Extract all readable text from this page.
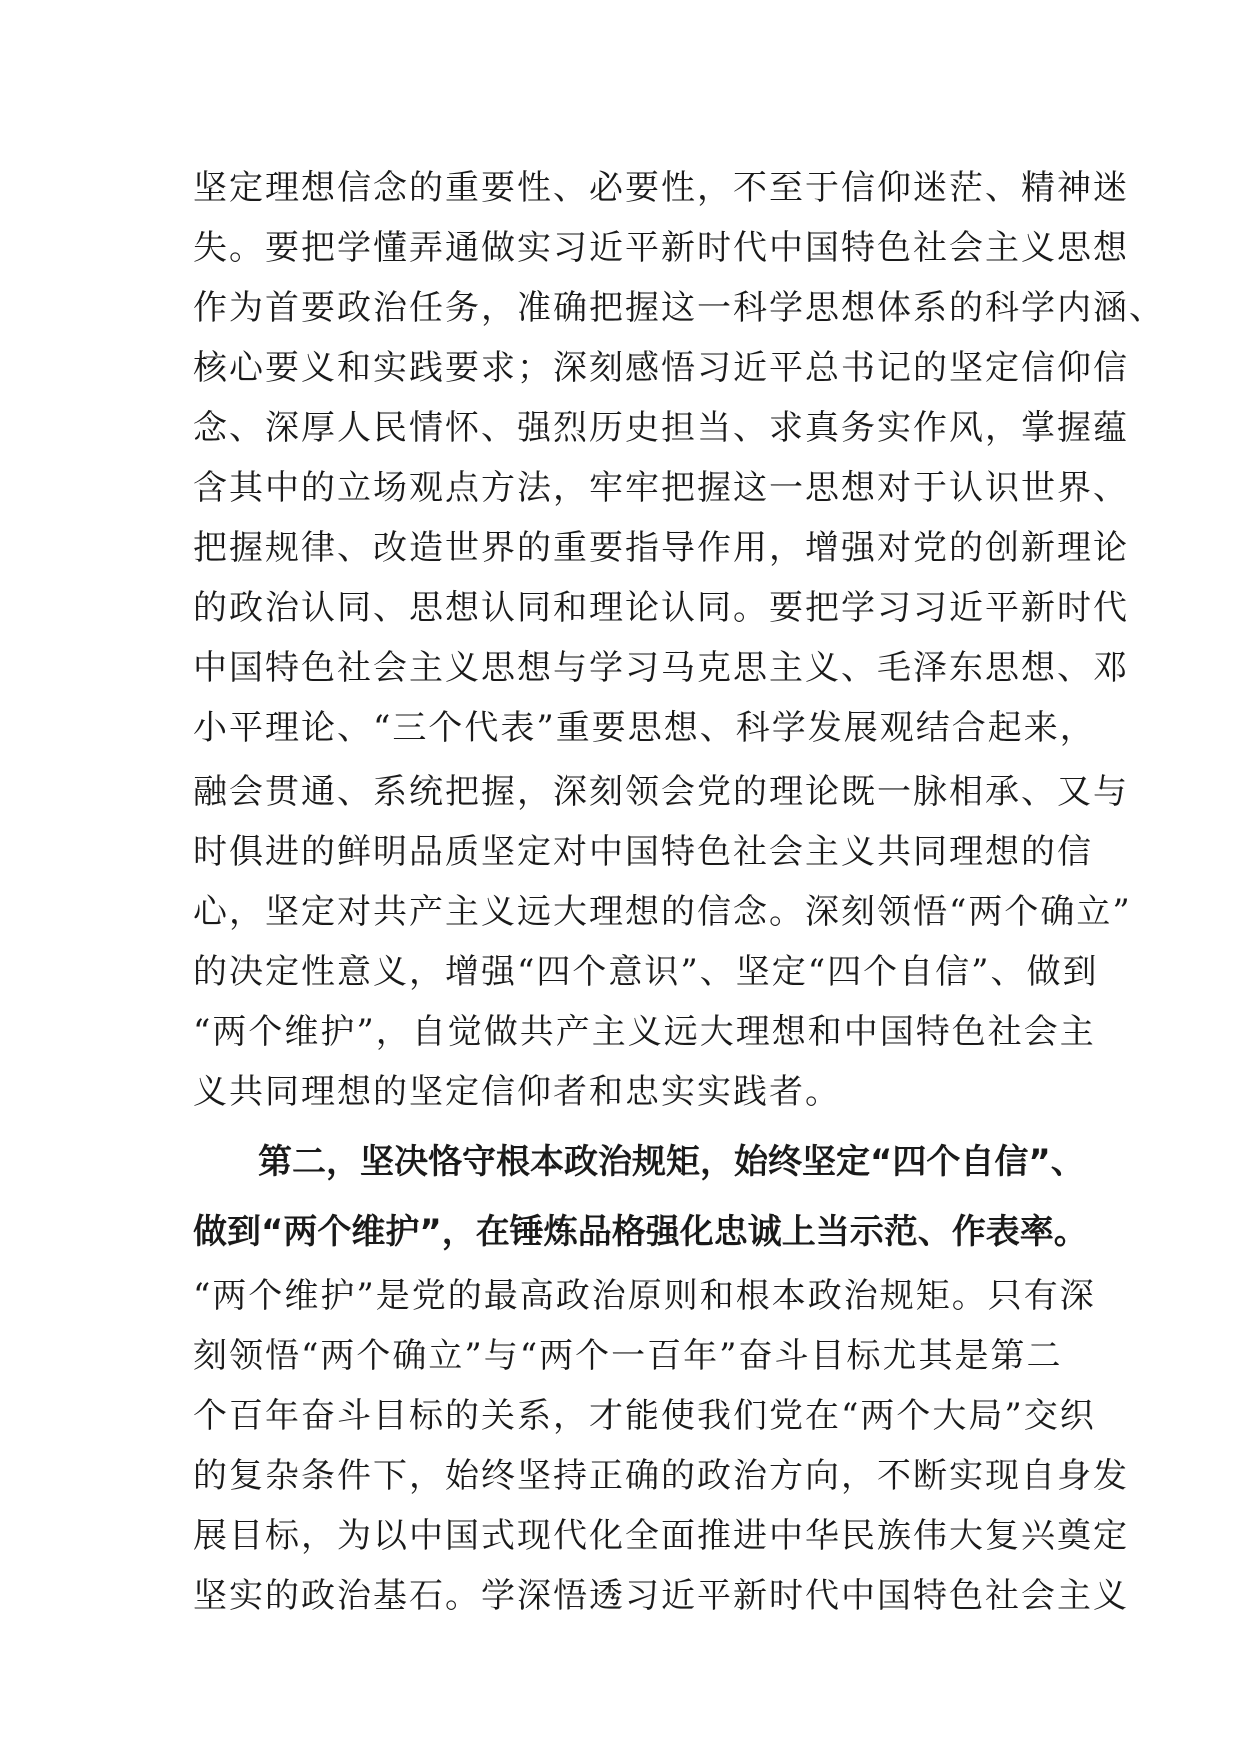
坚定理想信念的重要性、必要性，不至于信仰迷茫、精神迷
失。要把学懂弄通做实习近平新时代中国特色社会主义思想
作为首要政治任务，准确把握这一科学思想体系的科学内涵、
核心要义和实践要求；深刻感悟习近平总书记的坚定信仰信
念、深厚人民情怀、强烈历史担当、求真务实作风，掌握蕴
含其中的立场观点方法，牢牢把握这一思想对于认识世界、
把握规律、改造世界的重要指导作用，增强对党的创新理论
的政治认同、思想认同和理论认同。要把学习习近平新时代
中国特色社会主义思想与学习马克思主义、毛泽东思想、邓
小平理论、“三个代表”重要思想、科学发展观结合起来，
融会贯通、系统把握，深刻领会党的理论既一脉相承、又与
时俱进的鲜明品质坚定对中国特色社会主义共同理想的信
心，坚定对共产主义远大理想的信念。深刻领悟“两个确立”
的决定性意义，增强“四个意识”、坚定“四个自信”、做到
“两个维护”，自觉做共产主义远大理想和中国特色社会主
义共同理想的坚定信仰者和忠实实践者。
第二，坚决恪守根本政治规矩，始终坚定“四个自信”、
做到“两个维护”，在锤炼品格强化忠诚上当示范、作表率。
“两个维护”是党的最高政治原则和根本政治规矩。只有深
刻领悟“两个确立”与“两个一百年”奋斗目标尤其是第二
个百年奋斗目标的关系，才能使我们党在“两个大局”交织
的复杂条件下，始终坚持正确的政治方向，不断实现自身发
展目标，为以中国式现代化全面推进中华民族伟大复兴奠定
坚实的政治基石。学深悟透习近平新时代中国特色社会主义
